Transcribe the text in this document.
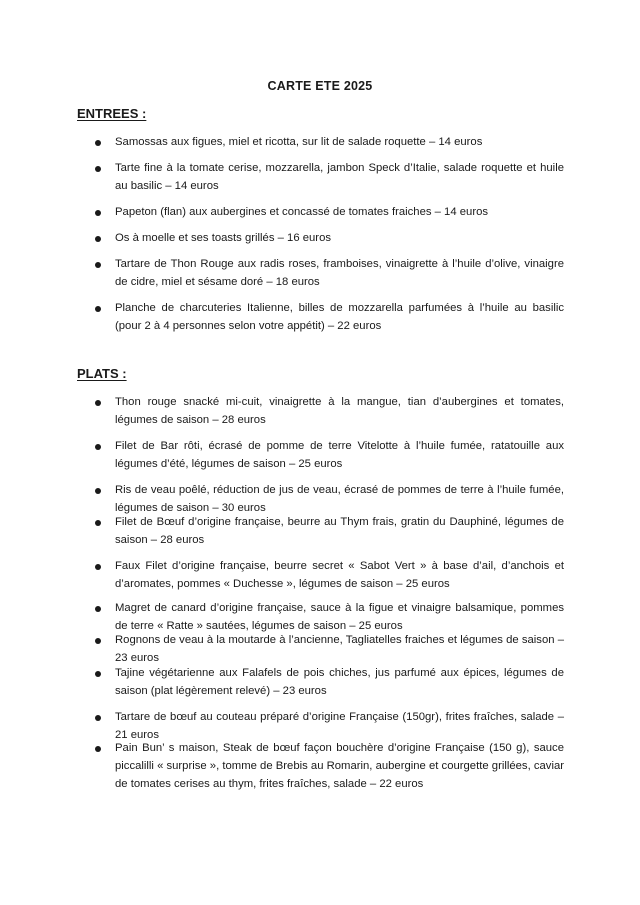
CARTE ETE 2025
ENTREES :
Samossas aux figues, miel et ricotta, sur lit de salade roquette – 14 euros
Tarte fine à la tomate cerise, mozzarella, jambon Speck d’Italie, salade roquette et huile au basilic – 14 euros
Papeton (flan) aux aubergines et concassé de tomates fraiches – 14 euros
Os à moelle et ses toasts grillés – 16 euros
Tartare de Thon Rouge aux radis roses, framboises, vinaigrette à l’huile d’olive, vinaigre de cidre, miel et sésame doré – 18 euros
Planche de charcuteries Italienne, billes de mozzarella parfumées à l’huile au basilic (pour 2 à 4 personnes selon votre appétit) – 22 euros
PLATS :
Thon rouge snacké mi-cuit, vinaigrette à la mangue, tian d’aubergines et tomates, légumes de saison – 28 euros
Filet de Bar rôti, écrasé de pomme de terre Vitelotte à l’huile fumée, ratatouille aux légumes d’été, légumes de saison – 25 euros
Ris de veau poêlé, réduction de jus de veau, écrasé de pommes de terre à l’huile fumée, légumes de saison – 30 euros
Filet de Bœuf d’origine française, beurre au Thym frais, gratin du Dauphiné, légumes de saison – 28 euros
Faux Filet d’origine française, beurre secret « Sabot Vert » à base d’ail, d’anchois et d’aromates, pommes « Duchesse », légumes de saison – 25 euros
Magret de canard d’origine française, sauce à la figue et vinaigre balsamique, pommes de terre « Ratte » sautées, légumes de saison – 25 euros
Rognons de veau à la moutarde à l’ancienne, Tagliatelles fraiches et légumes de saison – 23 euros
Tajine végétarienne aux Falafels de pois chiches, jus parfumé aux épices, légumes de saison (plat légèrement relevé) – 23 euros
Tartare de bœuf au couteau préparé d’origine Française (150gr), frites fraîches, salade – 21 euros
Pain Bun’ s maison, Steak de bœuf façon bouchère d’origine Française (150 g), sauce piccalilli « surprise », tomme de Brebis au Romarin, aubergine et courgette grillées, caviar de tomates cerises au thym, frites fraîches, salade – 22 euros
